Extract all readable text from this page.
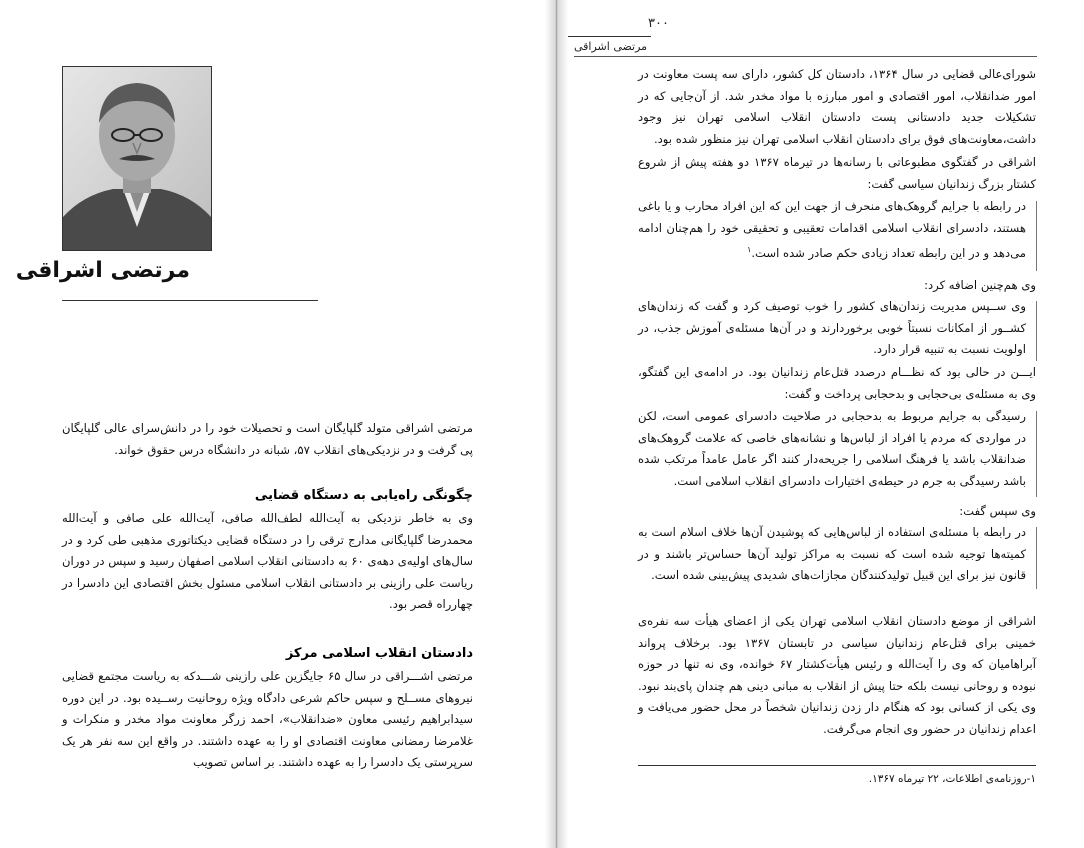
مرتضی اشراقی
مرتضی اشراقی متولد گلپایگان است و تحصیلات خود را در دانش‌سرای عالی گلپایگان پی گرفت و در نزدیکی‌های انقلاب ۵۷، شبانه در دانشگاه درس حقوق خواند.
چگونگی راه‌یابی به دستگاه قضایی
وی به خاطر نزدیکی به آیت‌الله لطف‌الله صافی، آیت‌الله علی صافی و آیت‌الله محمدرضا گلپایگانی مدارج ترقی را در دستگاه قضایی دیکتاتوری مذهبی طی کرد و در سال‌های اولیه‌ی دهه‌ی ۶۰ به دادستانی انقلاب اسلامی اصفهان رسید و سپس در دوران ریاست علی رازینی بر دادستانی انقلاب اسلامی مسئول بخش اقتصادی این دادسرا در چهارراه قصر بود.
دادستان انقلاب اسلامی مرکز
مرتضی اشـــراقی در سال ۶۵ جایگزین علی رازینی شـــدکه به ریاست مجتمع قضایی نیروهای مســلح و سپس حاکم شرعی دادگاه ویژه روحانیت رســیده بود. در این دوره سیدابراهیم رئیسی معاون «ضدانقلاب»، احمد زرگر معاونت مواد مخدر و منکرات و غلامرضا رمضانی معاونت اقتصادی او را به عهده داشتند. در واقع این سه نفر هر یک سرپرستی یک دادسرا را به عهده داشتند. بر اساس تصویب
۳۰۰
مرتضی اشراقی
شورای‌عالی قضایی در سال ۱۳۶۴، دادستان کل کشور، دارای سه پست معاونت در امور ضدانقلاب، امور اقتصادی و امور مبارزه با مواد مخدر شد. از آن‌جایی که در تشکیلات جدید دادستانی پست دادستان انقلاب اسلامی تهران نیز وجود داشت،معاونت‌های فوق برای دادستان انقلاب اسلامی تهران نیز منظور شده بود.
اشراقی در گفتگوی مطبوعاتی با رسانه‌ها در تیرماه ۱۳۶۷ دو هفته پیش از شروع کشتار بزرگ زندانیان سیاسی گفت:
در رابطه با جرایم گروهک‌های منحرف از جهت این که این افراد محارب و یا باغی هستند، دادسرای انقلاب اسلامی اقدامات تعقیبی و تحقیقی خود را هم‌چنان ادامه می‌دهد و در این رابطه تعداد زیادی حکم صادر شده است.$^۱$
وی هم‌چنین اضافه کرد:
وی ســپس مدیریت زندان‌های کشور را خوب توصیف کرد و گفت که زندان‌های کشــور از امکانات نسبتاً خوبی برخوردارند و در آن‌ها مسئله‌ی آموزش جذب، در اولویت نسبت به تنبیه قرار دارد.
ایـــن در حالی بود که نظـــام درصدد قتل‌عام زندانیان بود. در ادامه‌ی این گفتگو، وی به مسئله‌ی بی‌حجابی و بدحجابی پرداخت و گفت:
رسیدگی به جرایم مربوط به بدحجابی در صلاحیت دادسرای عمومی است، لکن در مواردی که مردم یا افراد از لباس‌ها و نشانه‌های خاصی که علامت گروهک‌های ضدانقلاب باشد یا فرهنگ اسلامی را جریحه‌دار کنند اگر عامل عامداً مرتکب شده باشد رسیدگی به جرم در حیطه‌ی اختیارات دادسرای انقلاب اسلامی است.
وی سپس گفت:
در رابطه با مسئله‌ی استفاده از لباس‌هایی که پوشیدن آن‌ها خلاف اسلام است به کمیته‌ها توجیه شده است که نسبت به مراکز تولید آن‌ها حساس‌تر باشند و در قانون نیز برای این قبیل تولیدکنندگان مجازات‌های شدیدی پیش‌بینی شده است.
اشراقی از موضع دادستان انقلاب اسلامی تهران یکی از اعضای هیأت سه نفره‌ی خمینی برای قتل‌عام زندانیان سیاسی در تابستان ۱۳۶۷ بود. برخلاف پرواند آبراهامیان که وی را آیت‌الله و رئیس هیأت‌کشتار ۶۷ خوانده، وی نه تنها در حوزه نبوده و روحانی نیست بلکه حتا پیش از انقلاب به مبانی دینی هم چندان پای‌بند نبود. وی یکی از کسانی بود که هنگام دار زدن زندانیان شخصاً در محل حضور می‌یافت و اعدام زندانیان در حضور وی انجام می‌گرفت.
۱-روزنامه‌ی اطلاعات، ۲۲ تیرماه ۱۳۶۷.
